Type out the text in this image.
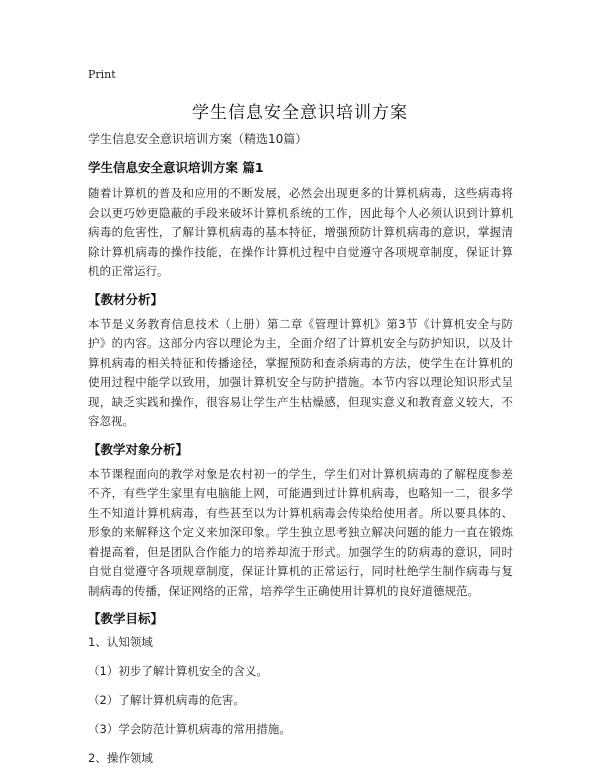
Print
学生信息安全意识培训方案

学生信息安全意识培训方案（精选10篇）

学生信息安全意识培训方案 篇1

随着计算机的普及和应用的不断发展，必然会出现更多的计算机病毒，这些病毒将会以更巧妙更隐蔽的手段来破坏计算机系统的工作，因此每个人必须认识到计算机病毒的危害性，了解计算机病毒的基本特征，增强预防计算机病毒的意识，掌握清除计算机病毒的操作技能，在操作计算机过程中自觉遵守各项规章制度，保证计算机的正常运行。

【教材分析】

本节是义务教育信息技术（上册）第二章《管理计算机》第3节《计算机安全与防护》的内容。这部分内容以理论为主，全面介绍了计算机安全与防护知识，以及计算机病毒的相关特征和传播途径，掌握预防和查杀病毒的方法，使学生在计算机的使用过程中能学以致用，加强计算机安全与防护措施。本节内容以理论知识形式呈现，缺乏实践和操作，很容易让学生产生枯燥感，但现实意义和教育意义较大，不容忽视。

【教学对象分析】

本节课程面向的教学对象是农村初一的学生，学生们对计算机病毒的了解程度参差不齐，有些学生家里有电脑能上网，可能遇到过计算机病毒，也略知一二，很多学生不知道计算机病毒，有些甚至以为计算机病毒会传染给使用者。所以要具体的、形象的来解释这个定义来加深印象。学生独立思考独立解决问题的能力一直在锻炼着提高着，但是团队合作能力的培养却流于形式。加强学生的防病毒的意识，同时自觉自觉遵守各项规章制度，保证计算机的正常运行，同时杜绝学生制作病毒与复制病毒的传播，保证网络的正常，培养学生正确使用计算机的良好道德规范。

【教学目标】

1、认知领域

（1）初步了解计算机安全的含义。

（2）了解计算机病毒的危害。

（3）学会防范计算机病毒的常用措施。

2、操作领域
